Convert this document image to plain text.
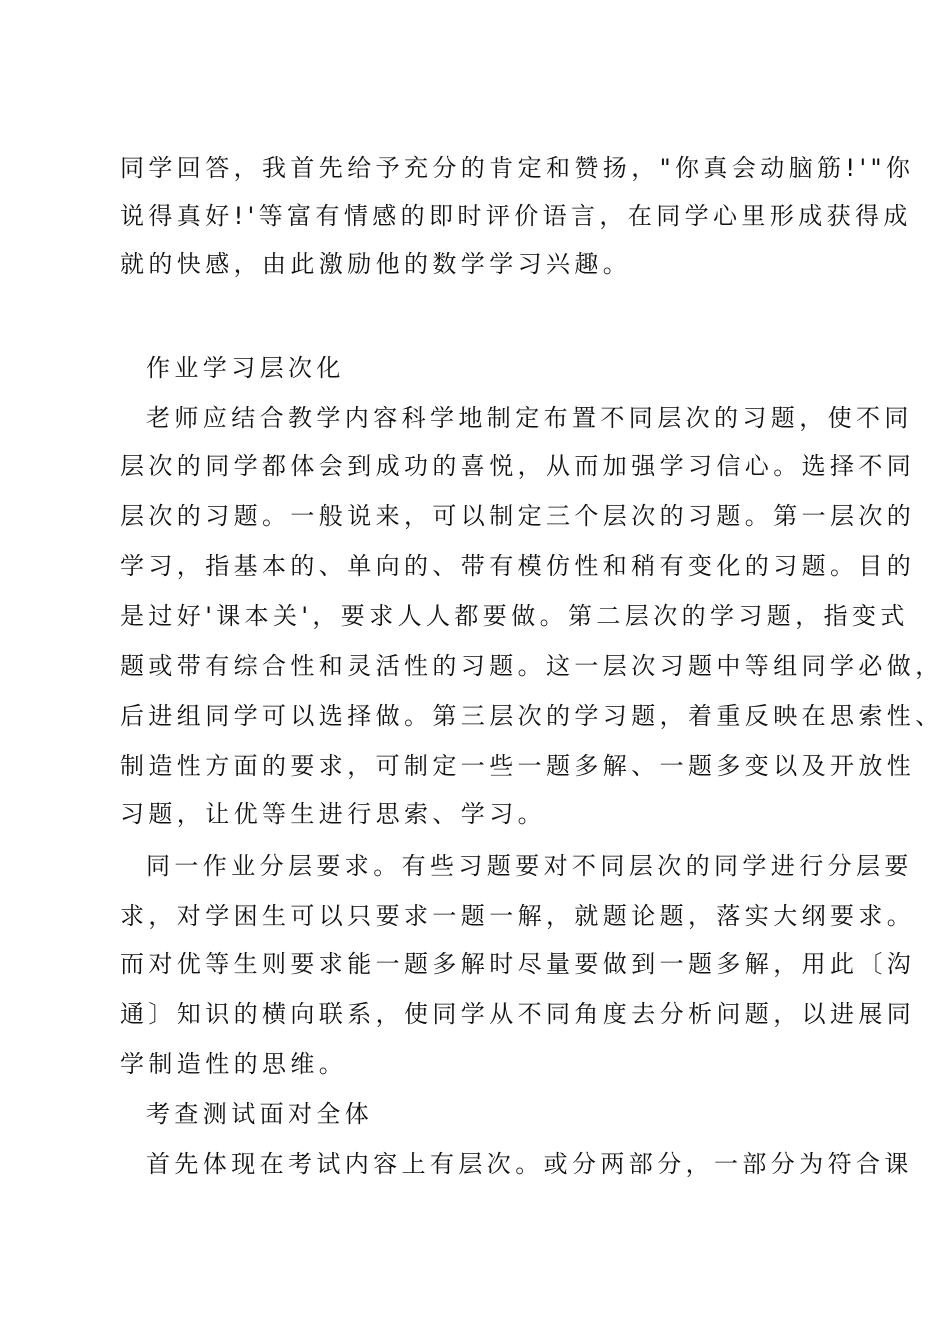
同学回答，我首先给予充分的肯定和赞扬，"你真会动脑筋!'"你
说得真好!'等富有情感的即时评价语言，在同学心里形成获得成
就的快感，由此激励他的数学学习兴趣。
作业学习层次化
老师应结合教学内容科学地制定布置不同层次的习题，使不同
层次的同学都体会到成功的喜悦，从而加强学习信心。选择不同
层次的习题。一般说来，可以制定三个层次的习题。第一层次的
学习，指基本的、单向的、带有模仿性和稍有变化的习题。目的
是过好'课本关'，要求人人都要做。第二层次的学习题，指变式
题或带有综合性和灵活性的习题。这一层次习题中等组同学必做，
后进组同学可以选择做。第三层次的学习题，着重反映在思索性、
制造性方面的要求，可制定一些一题多解、一题多变以及开放性
习题，让优等生进行思索、学习。
同一作业分层要求。有些习题要对不同层次的同学进行分层要
求，对学困生可以只要求一题一解，就题论题，落实大纲要求。
而对优等生则要求能一题多解时尽量要做到一题多解，用此〔沟
通〕知识的横向联系，使同学从不同角度去分析问题，以进展同
学制造性的思维。
考查测试面对全体
首先体现在考试内容上有层次。或分两部分，一部分为符合课
